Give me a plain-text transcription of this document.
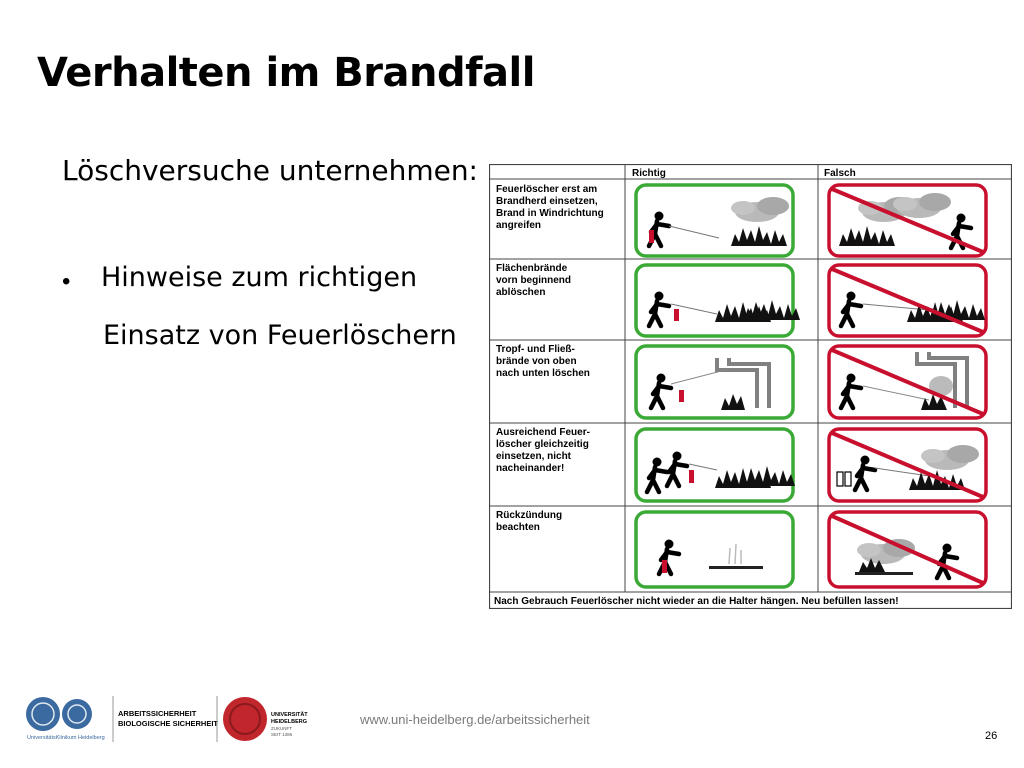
Verhalten im Brandfall
Löschversuche unternehmen:
• Hinweise zum richtigen
Einsatz von Feuerlöschern
Richtig	Falsch
Feuerlöscher erst am
Brandherd einsetzen,
Brand in Windrichtung
angreifen
Flächenbrände
vorn beginnend
ablöschen
Tropf- und Fließ-
brände von oben
nach unten löschen
Ausreichend Feuer-
löscher gleichzeitig
einsetzen, nicht
nacheinander!
Rückzündung
beachten
Nach Gebrauch Feuerlöscher nicht wieder an die Halter hängen. Neu befüllen lassen!
UniversitätsKlinikum Heidelberg
ARBEITSSICHERHEIT
BIOLOGISCHE SICHERHEIT
UNIVERSITÄT
HEIDELBERG
ZUKUNFT
SEIT 1386
www.uni-heidelberg.de/arbeitssicherheit
26
